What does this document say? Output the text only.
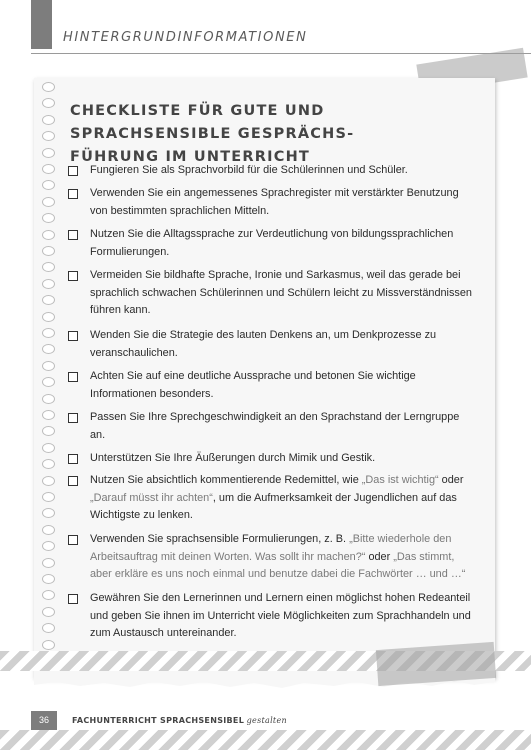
HINTERGRUNDINFORMATIONEN
CHECKLISTE FÜR GUTE UND SPRACHSENSIBLE GESPRÄCHS-
FÜHRUNG IM UNTERRICHT
Fungieren Sie als Sprachvorbild für die Schülerinnen und Schüler.
Verwenden Sie ein angemessenes Sprachregister mit verstärkter Benutzung von bestimmten sprachlichen Mitteln.
Nutzen Sie die Alltagssprache zur Verdeutlichung von bildungssprachlichen Formulierungen.
Vermeiden Sie bildhafte Sprache, Ironie und Sarkasmus, weil das gerade bei sprachlich schwachen Schülerinnen und Schülern leicht zu Missverständnissen führen kann.
Wenden Sie die Strategie des lauten Denkens an, um Denkprozesse zu veranschaulichen.
Achten Sie auf eine deutliche Aussprache und betonen Sie wichtige Informationen besonders.
Passen Sie Ihre Sprechgeschwindigkeit an den Sprachstand der Lerngruppe an.
Unterstützen Sie Ihre Äußerungen durch Mimik und Gestik.
Nutzen Sie absichtlich kommentierende Redemittel, wie „Das ist wichtig“ oder „Darauf müsst ihr achten“, um die Aufmerksamkeit der Jugendlichen auf das Wichtigste zu lenken.
Verwenden Sie sprachsensible Formulierungen, z. B. „Bitte wiederhole den Arbeitsauftrag mit deinen Worten. Was sollt ihr machen?“ oder „Das stimmt, aber erkläre es uns noch einmal und benutze dabei die Fachwörter … und …“
Gewähren Sie den Lernerinnen und Lernern einen möglichst hohen Redeanteil und geben Sie ihnen im Unterricht viele Möglichkeiten zum Sprachhandeln und zum Austausch untereinander.
36	FACHUNTERRICHT SPRACHSENSIBEL gestalten
